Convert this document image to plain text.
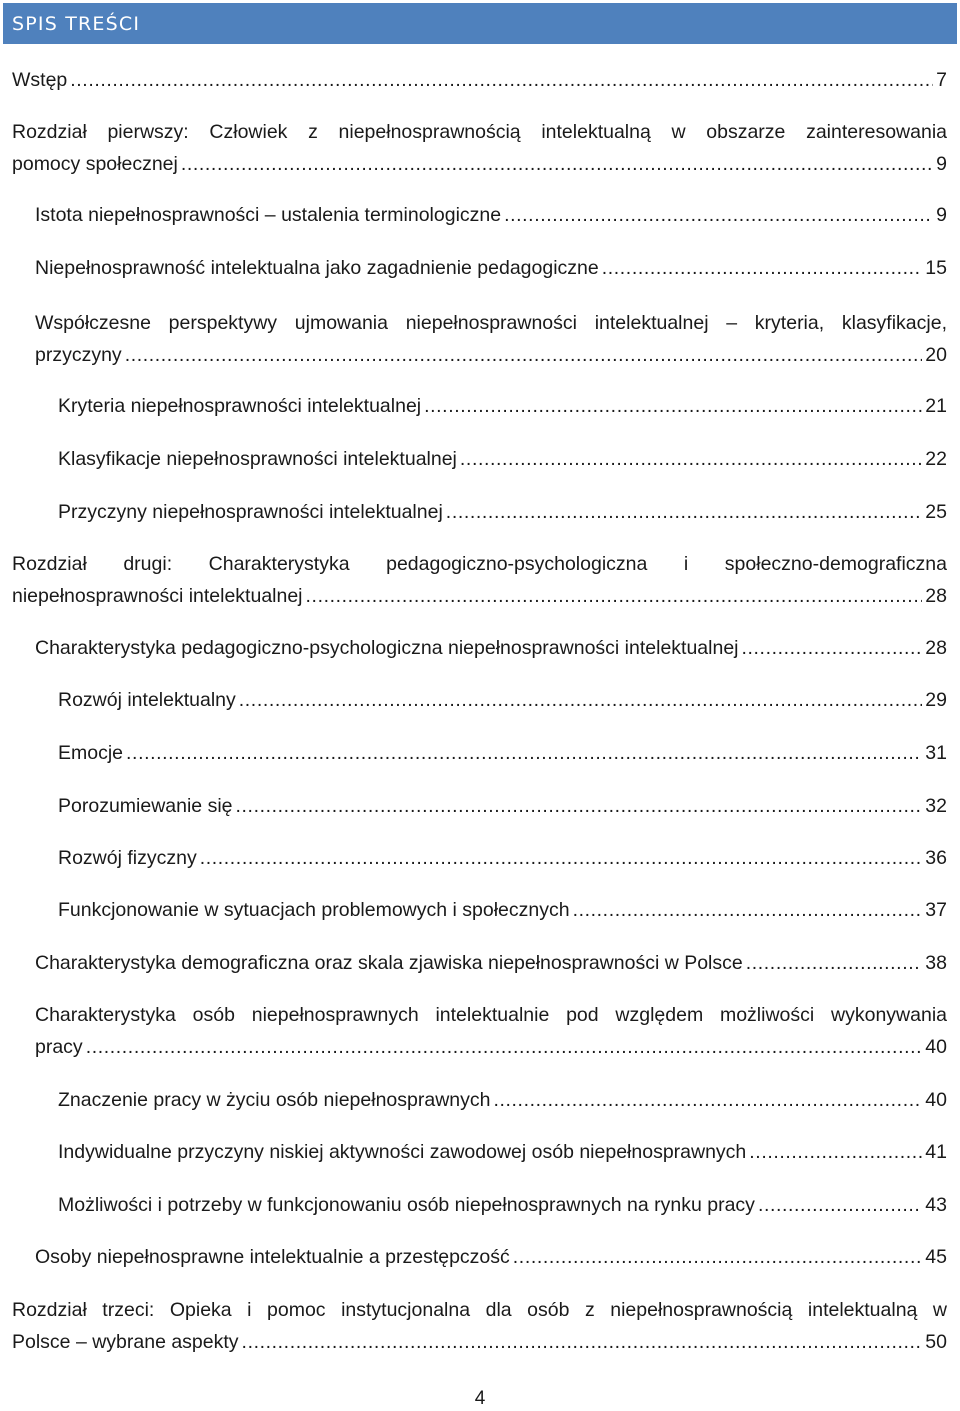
SPIS TREŚCI
Wstęp .....	7
Rozdział pierwszy: Człowiek z niepełnosprawnością intelektualną w obszarze zainteresowania
pomocy społecznej .....	9
Istota niepełnosprawności – ustalenia terminologiczne .....	9
Niepełnosprawność intelektualna jako zagadnienie pedagogiczne .....	15
Współczesne perspektywy ujmowania niepełnosprawności intelektualnej – kryteria, klasyfikacje,
przyczyny .....	20
Kryteria niepełnosprawności intelektualnej .....	21
Klasyfikacje niepełnosprawności intelektualnej .....	22
Przyczyny niepełnosprawności intelektualnej .....	25
Rozdział drugi: Charakterystyka pedagogiczno-psychologiczna i społeczno-demograficzna
niepełnosprawności intelektualnej .....	28
Charakterystyka pedagogiczno-psychologiczna niepełnosprawności intelektualnej .....	28
Rozwój intelektualny .....	29
Emocje .....	31
Porozumiewanie się .....	32
Rozwój fizyczny .....	36
Funkcjonowanie w sytuacjach problemowych i społecznych .....	37
Charakterystyka demograficzna oraz skala zjawiska niepełnosprawności w Polsce .....	38
Charakterystyka osób niepełnosprawnych intelektualnie pod względem możliwości wykonywania
pracy .....	40
Znaczenie pracy w życiu osób niepełnosprawnych .....	40
Indywidualne przyczyny niskiej aktywności zawodowej osób niepełnosprawnych .....	41
Możliwości i potrzeby w funkcjonowaniu osób niepełnosprawnych na rynku pracy .....	43
Osoby niepełnosprawne intelektualnie a przestępczość .....	45
Rozdział trzeci: Opieka i pomoc instytucjonalna dla osób z niepełnosprawnością intelektualną w
Polsce – wybrane aspekty .....	50
4
